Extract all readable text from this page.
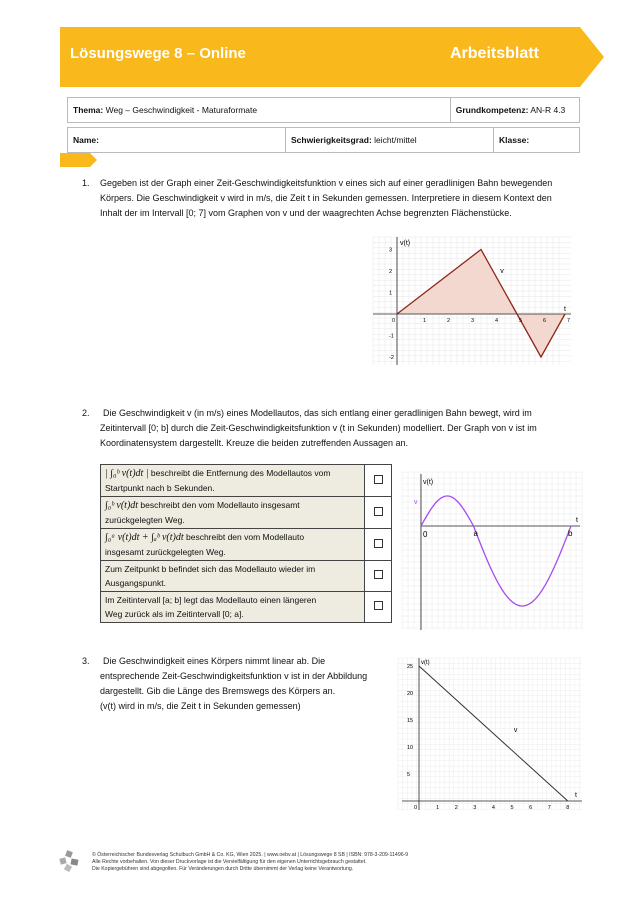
Lösungswege 8 – Online	Arbeitsblatt
Thema: Weg – Geschwindigkeit - Maturaformate	Grundkompetenz: AN-R 4.3
Name:	Schwierigkeitsgrad: leicht/mittel	Klasse:
1. Gegeben ist der Graph einer Zeit-Geschwindigkeitsfunktion v eines sich auf einer geradlinigen Bahn bewegenden
Körpers. Die Geschwindigkeit v wird in m/s, die Zeit t in Sekunden gemessen. Interpretiere in diesem Kontext den
Inhalt der im Intervall [0; 7] vom Graphen von v und der waagrechten Achse begrenzten Flächenstücke.
0	1	2	3	4	5	6	7
3
2
1
-1
-2
v(t)
t
v
2. Die Geschwindigkeit v (in m/s) eines Modellautos, das sich entlang einer geradlinigen Bahn bewegt, wird im
Zeitintervall [0; b] durch die Zeit-Geschwindigkeitsfunktion v (t in Sekunden) modelliert. Der Graph von v ist im
Koordinatensystem dargestellt. Kreuze die beiden zutreffenden Aussagen an.
| ∫₀ᵇ v(t)dt | beschreibt die Entfernung des Modellautos vom
Startpunkt nach b Sekunden.	
∫₀ᵇ v(t)dt beschreibt den vom Modellauto insgesamt
zurückgelegten Weg.	
∫₀ᵃ v(t)dt + ∫ₐᵇ v(t)dt beschreibt den vom Modellauto
insgesamt zurückgelegten Weg.	
Zum Zeitpunkt b befindet sich das Modellauto wieder im
Ausgangspunkt.	
Im Zeitintervall [a; b] legt das Modellauto einen längeren
Weg zurück als im Zeitintervall [0; a].	
v(t)
t
v
0	a	b
3. Die Geschwindigkeit eines Körpers nimmt linear ab. Die
entsprechende Zeit-Geschwindigkeitsfunktion v ist in der Abbildung
dargestellt. Gib die Länge des Bremswegs des Körpers an.
(v(t) wird in m/s, die Zeit t in Sekunden gemessen)
0	1	2	3	4	5	6	7	8
25
20
15
10
5
v(t)
t
v
© Österreichischer Bundesverlag Schulbuch GmbH & Co. KG, Wien 2025. | www.oebv.at | Lösungswege 8 SB | ISBN: 978-3-209-11496-9
Alle Rechte vorbehalten. Von dieser Druckvorlage ist die Vervielfältigung für den eigenen Unterrichtsgebrauch gestattet.
Die Kopiergebühren sind abgegolten. Für Veränderungen durch Dritte übernimmt der Verlag keine Verantwortung.
